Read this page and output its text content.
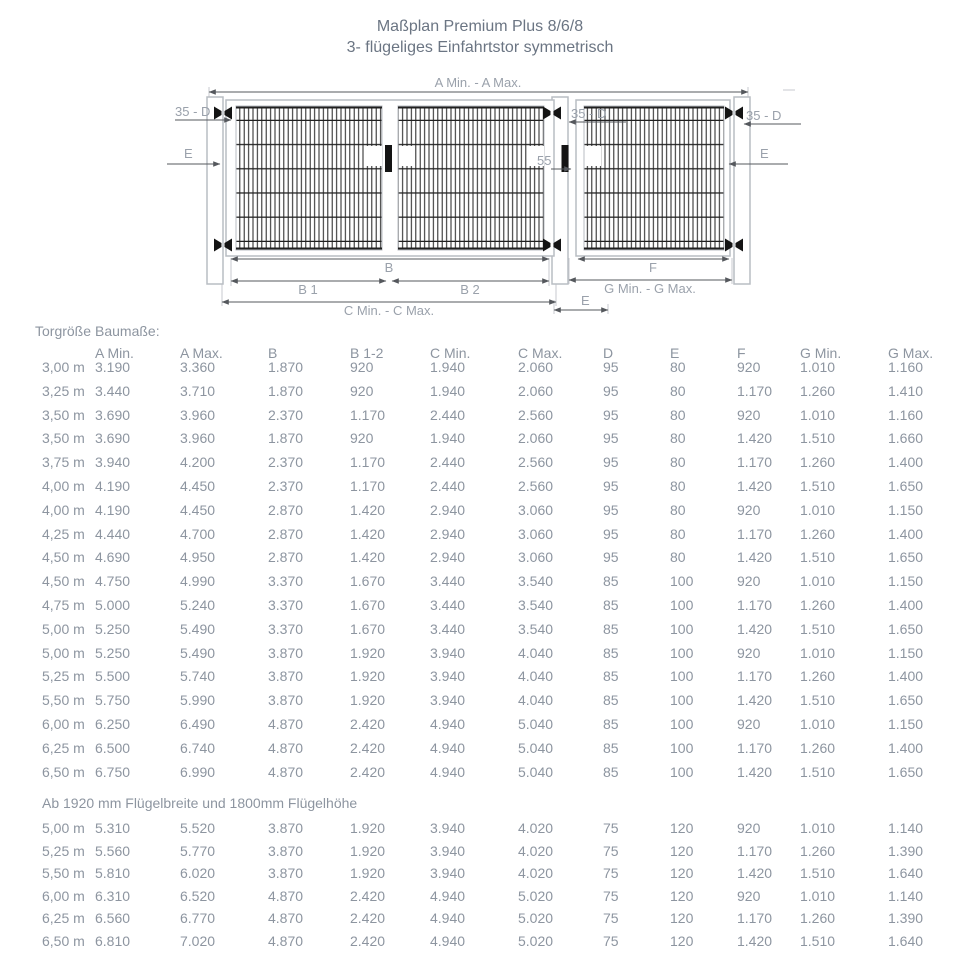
Maßplan Premium Plus 8/6/8
3- flügeliges Einfahrtstor symmetrisch
A Min. - A Max.
35 - D	35 - D	35 - D
E	E
55
B
B 1	B 2
C Min. - C Max.
F
G Min. - G Max.
E
Torgröße Baumaße:
A Min.	A Max.	B	B 1-2	C Min.	C Max.	D	E	F	G Min.	G Max.
3,00 m 3.190	3.360	1.870	920	1.940	2.060	95	80	920	1.010	1.160
3,25 m 3.440	3.710	1.870	920	1.940	2.060	95	80	1.170	1.260	1.410
3,50 m 3.690	3.960	2.370	1.170	2.440	2.560	95	80	920	1.010	1.160
3,50 m 3.690	3.960	1.870	920	1.940	2.060	95	80	1.420	1.510	1.660
3,75 m 3.940	4.200	2.370	1.170	2.440	2.560	95	80	1.170	1.260	1.400
4,00 m 4.190	4.450	2.370	1.170	2.440	2.560	95	80	1.420	1.510	1.650
4,00 m 4.190	4.450	2.870	1.420	2.940	3.060	95	80	920	1.010	1.150
4,25 m 4.440	4.700	2.870	1.420	2.940	3.060	95	80	1.170	1.260	1.400
4,50 m 4.690	4.950	2.870	1.420	2.940	3.060	95	80	1.420	1.510	1.650
4,50 m 4.750	4.990	3.370	1.670	3.440	3.540	85	100	920	1.010	1.150
4,75 m 5.000	5.240	3.370	1.670	3.440	3.540	85	100	1.170	1.260	1.400
5,00 m 5.250	5.490	3.370	1.670	3.440	3.540	85	100	1.420	1.510	1.650
5,00 m 5.250	5.490	3.870	1.920	3.940	4.040	85	100	920	1.010	1.150
5,25 m 5.500	5.740	3.870	1.920	3.940	4.040	85	100	1.170	1.260	1.400
5,50 m 5.750	5.990	3.870	1.920	3.940	4.040	85	100	1.420	1.510	1.650
6,00 m 6.250	6.490	4.870	2.420	4.940	5.040	85	100	920	1.010	1.150
6,25 m 6.500	6.740	4.870	2.420	4.940	5.040	85	100	1.170	1.260	1.400
6,50 m 6.750	6.990	4.870	2.420	4.940	5.040	85	100	1.420	1.510	1.650
Ab 1920 mm Flügelbreite und 1800mm Flügelhöhe
5,00 m 5.310	5.520	3.870	1.920	3.940	4.020	75	120	920	1.010	1.140
5,25 m 5.560	5.770	3.870	1.920	3.940	4.020	75	120	1.170	1.260	1.390
5,50 m 5.810	6.020	3.870	1.920	3.940	4.020	75	120	1.420	1.510	1.640
6,00 m 6.310	6.520	4.870	2.420	4.940	5.020	75	120	920	1.010	1.140
6,25 m 6.560	6.770	4.870	2.420	4.940	5.020	75	120	1.170	1.260	1.390
6,50 m 6.810	7.020	4.870	2.420	4.940	5.020	75	120	1.420	1.510	1.640
